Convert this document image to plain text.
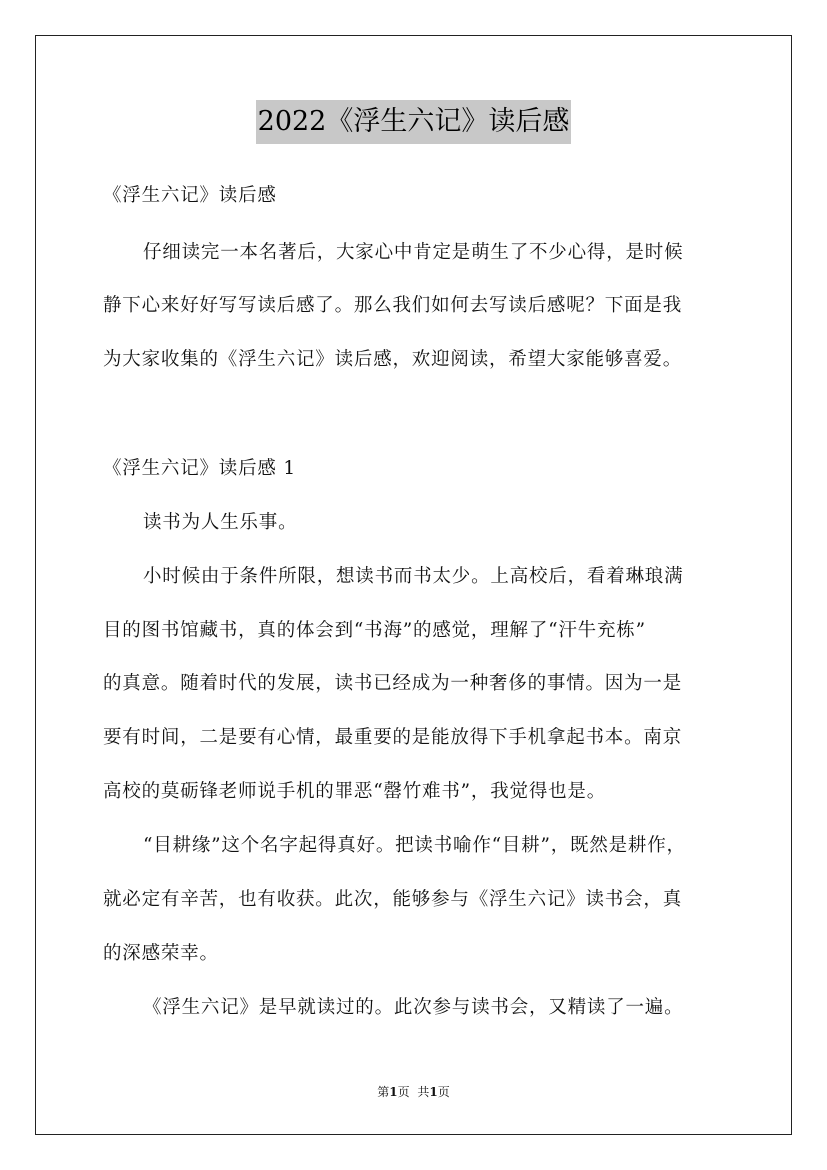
2022《浮生六记》读后感

《浮生六记》读后感

仔细读完一本名著后，大家心中肯定是萌生了不少心得，是时候

静下心来好好写写读后感了。那么我们如何去写读后感呢？下面是我

为大家收集的《浮生六记》读后感，欢迎阅读，希望大家能够喜爱。

《浮生六记》读后感 1

读书为人生乐事。

小时候由于条件所限，想读书而书太少。上高校后，看着琳琅满

目的图书馆藏书，真的体会到“书海”的感觉，理解了“汗牛充栋”

的真意。随着时代的发展，读书已经成为一种奢侈的事情。因为一是

要有时间，二是要有心情，最重要的是能放得下手机拿起书本。南京

高校的莫砺锋老师说手机的罪恶“罄竹难书”，我觉得也是。

“目耕缘”这个名字起得真好。把读书喻作“目耕”，既然是耕作，

就必定有辛苦，也有收获。此次，能够参与《浮生六记》读书会，真

的深感荣幸。

《浮生六记》是早就读过的。此次参与读书会，又精读了一遍。

第1页 共1页
